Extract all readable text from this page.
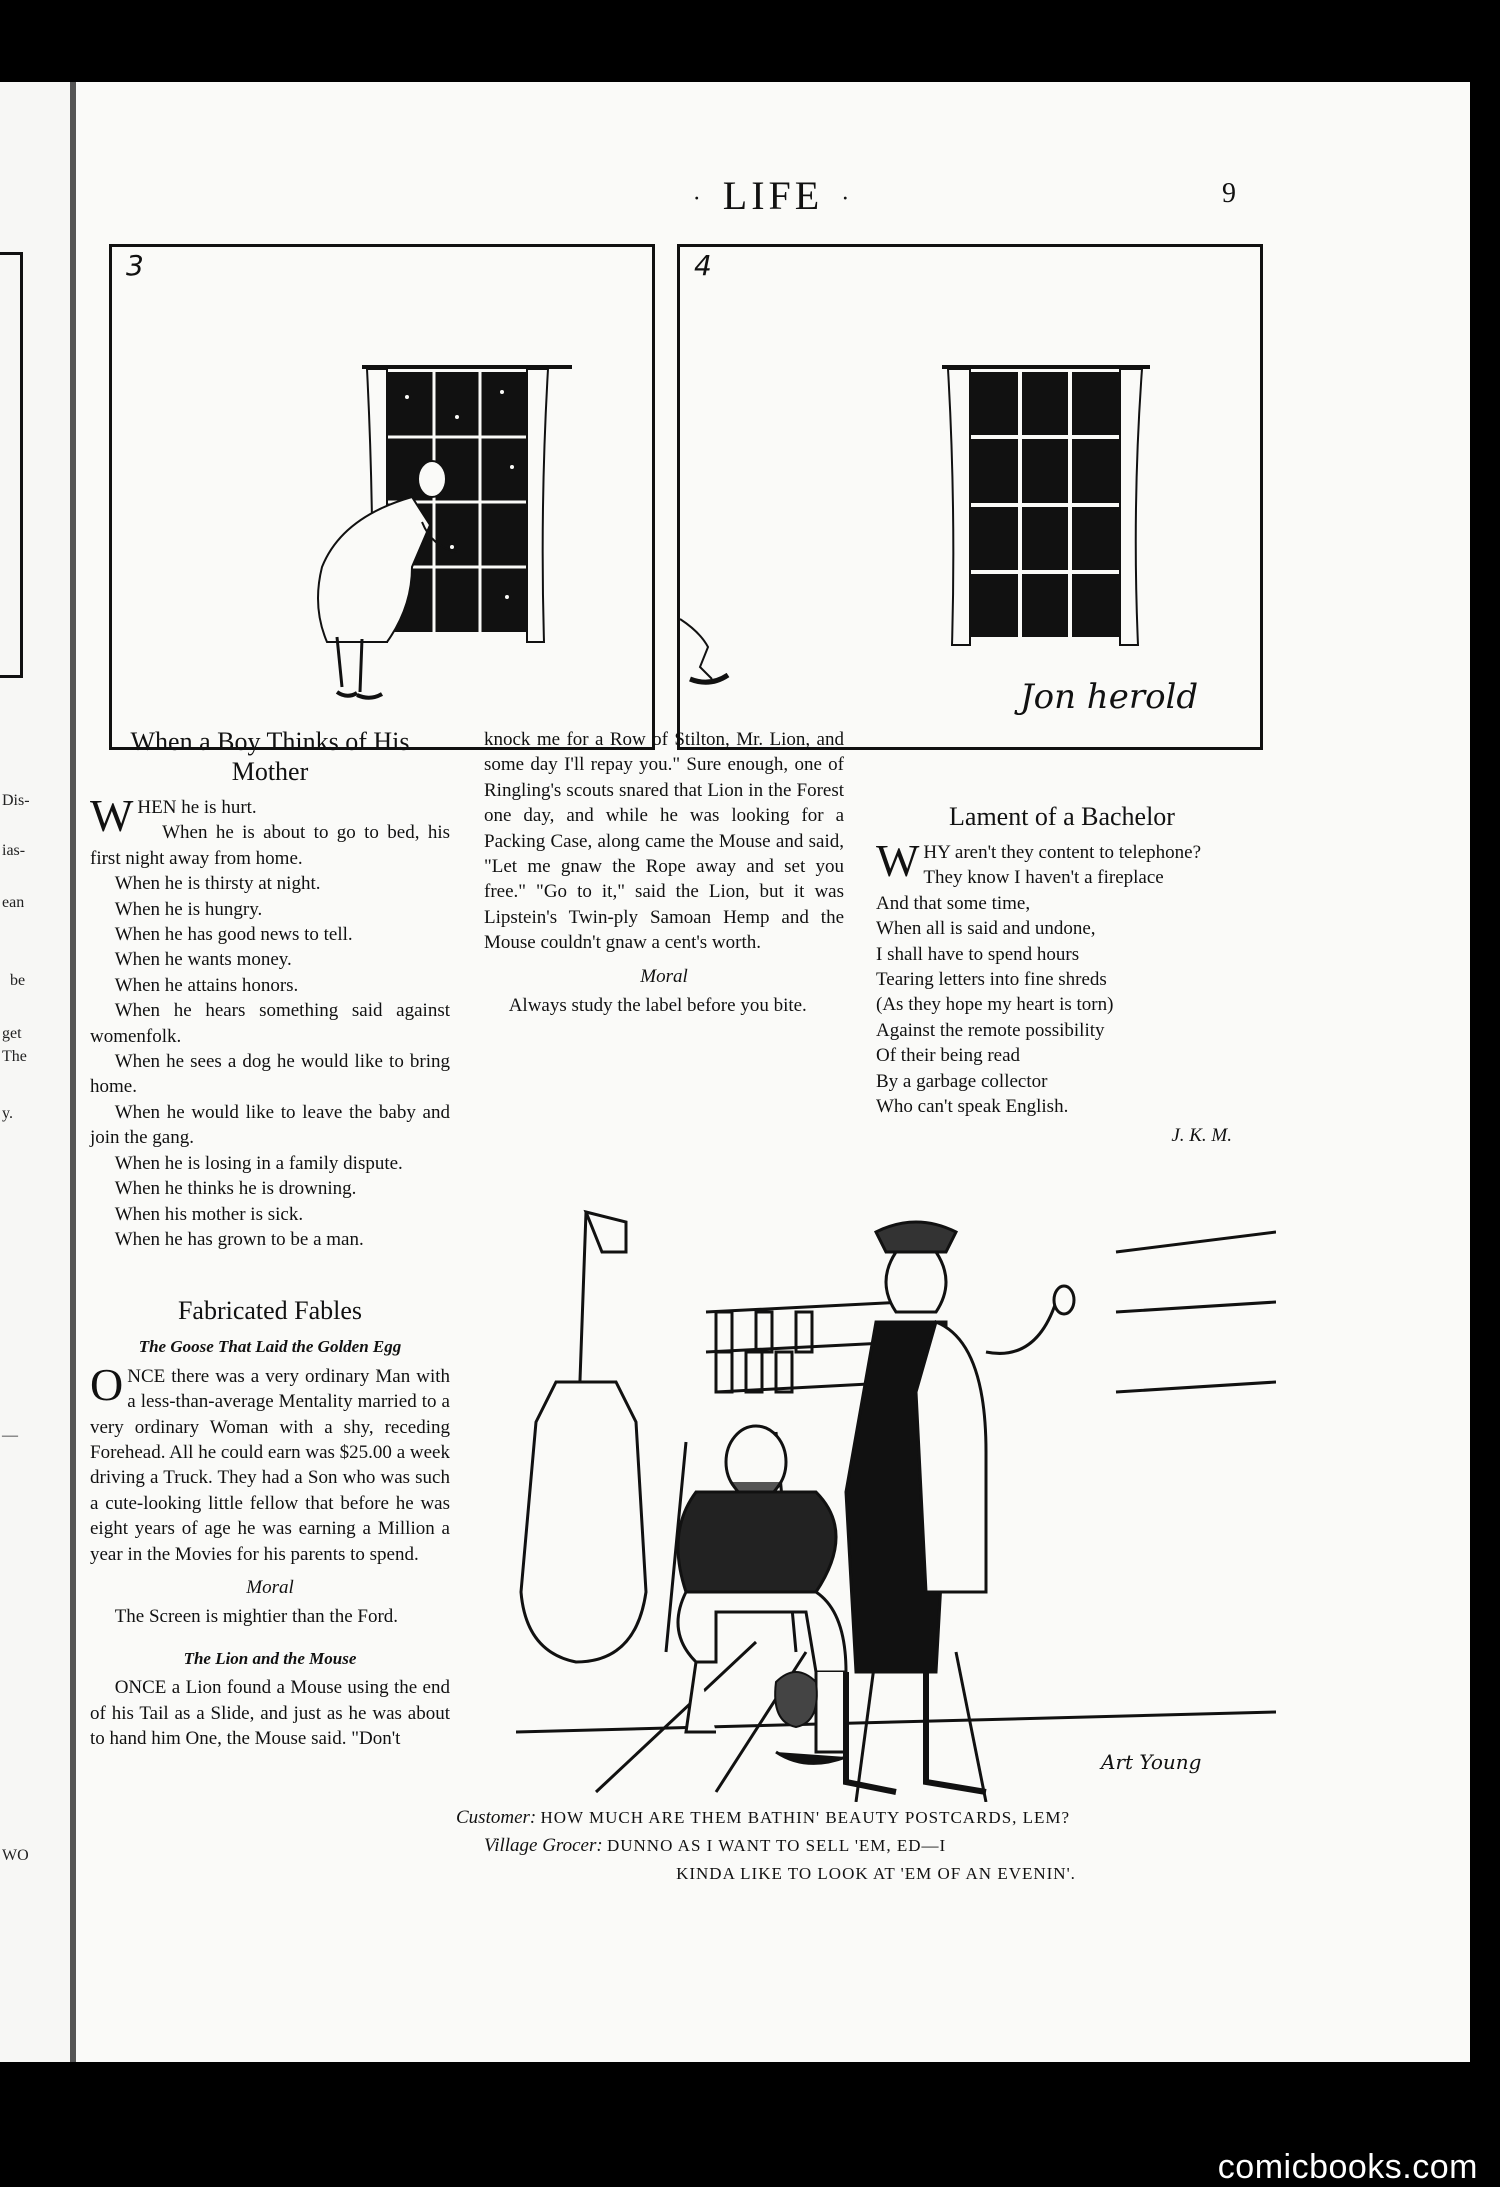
Dis-
ias-
ean
be
get
The
y.
—
WO
· LIFE ·	9
3	4
Jon herold
When a Boy Thinks of His Mother

WHEN he is hurt.

When he is about to go to bed, his first night away from home.

When he is thirsty at night.

When he is hungry.

When he has good news to tell.

When he wants money.

When he attains honors.

When he hears something said against womenfolk.

When he sees a dog he would like to bring home.

When he would like to leave the baby and join the gang.

When he is losing in a family dispute.

When he thinks he is drowning.

When his mother is sick.

When he has grown to be a man.

Fabricated Fables
The Goose That Laid the Golden Egg

ONCE there was a very ordinary Man with a less-than-average Mentality married to a very ordinary Woman with a shy, receding Forehead. All he could earn was $25.00 a week driving a Truck. They had a Son who was such a cute-looking little fellow that before he was eight years of age he was earning a Million a year in the Movies for his parents to spend.

Moral

The Screen is mightier than the Ford.

The Lion and the Mouse

ONCE a Lion found a Mouse using the end of his Tail as a Slide, and just as he was about to hand him One, the Mouse said. "Don't

knock me for a Row of Stilton, Mr. Lion, and some day I'll repay you." Sure enough, one of Ringling's scouts snared that Lion in the Forest one day, and while he was looking for a Packing Case, along came the Mouse and said, "Let me gnaw the Rope away and set you free." "Go to it," said the Lion, but it was Lipstein's Twin-ply Samoan Hemp and the Mouse couldn't gnaw a cent's worth.

Moral

Always study the label before you bite.

Lament of a Bachelor

WHY aren't they content to telephone?

They know I haven't a fireplace

And that some time,

When all is said and undone,

I shall have to spend hours

Tearing letters into fine shreds

(As they hope my heart is torn)

Against the remote possibility

Of their being read

By a garbage collector

Who can't speak English.

J. K. M.
Art Young
Customer: HOW MUCH ARE THEM BATHIN' BEAUTY POSTCARDS, LEM?
Village Grocer: DUNNO AS I WANT TO SELL 'EM, ED—I
KINDA LIKE TO LOOK AT 'EM OF AN EVENIN'.
comicbooks.com
